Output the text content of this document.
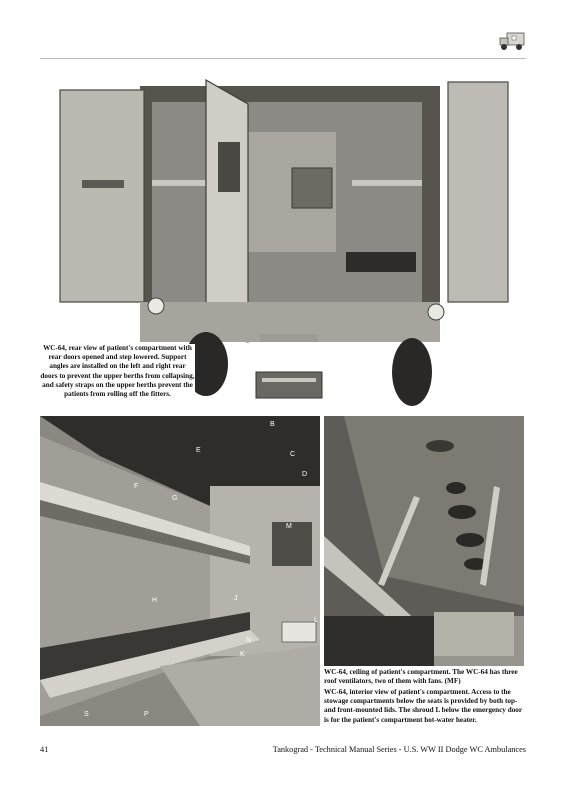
WC-64, rear view of patient's compartment with rear doors opened and step lowered. Support angles are installed on the left and right rear doors to prevent the upper berths from collapsing, and safety straps on the upper berths prevent the patients from rolling off the fitters.
B
C
D
E
F
G
H	J
K
L
M
N
S	P
WC-64, ceiling of patient's compartment. The WC-64 has three roof ventilators, two of them with fans. (MF)
WC-64, interior view of patient's compartment. Access to the stowage compartments below the seats is provided by both top- and front-mounted lids. The shroud L below the emergency door is for the patient's compartment hot-water heater.
41	Tankograd - Technical Manual Series - U.S. WW II Dodge WC Ambulances
